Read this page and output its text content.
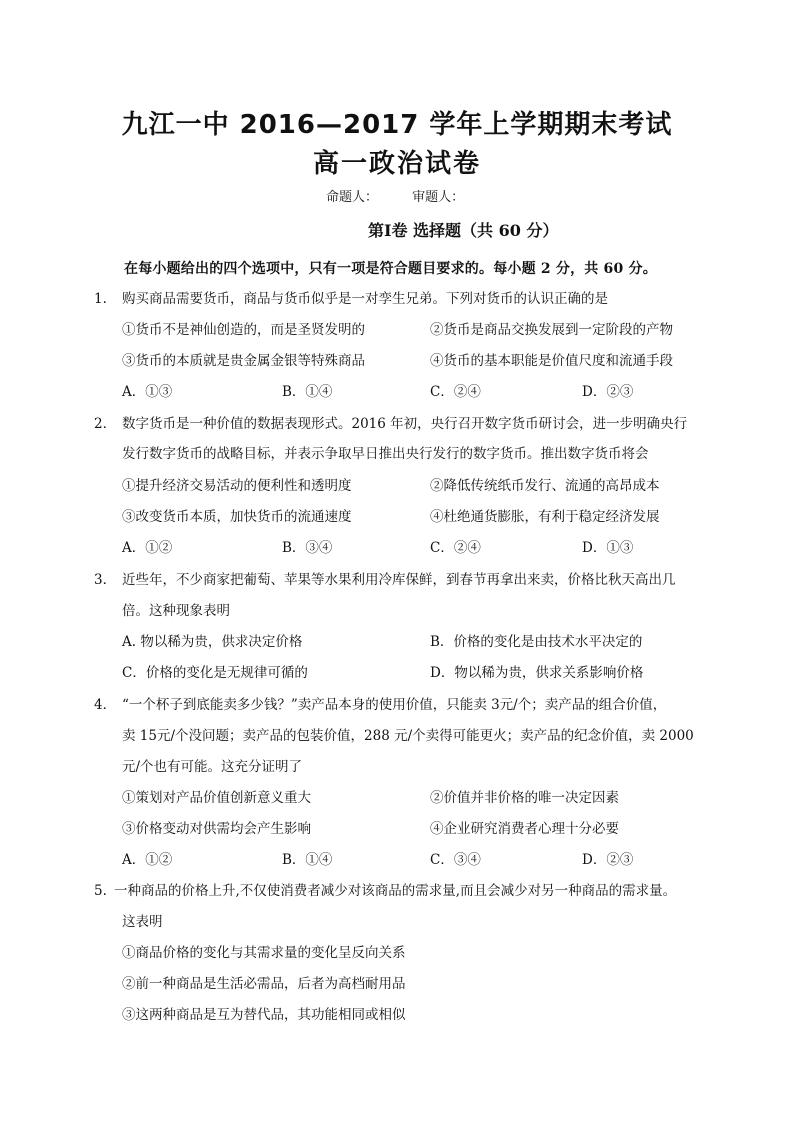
九江一中 2016—2017 学年上学期期末考试
高一政治试卷
命题人：	审题人：
第Ⅰ卷 选择题（共 60 分）
在每小题给出的四个选项中，只有一项是符合题目要求的。每小题 2 分，共 60 分。
1. 购买商品需要货币，商品与货币似乎是一对孪生兄弟。下列对货币的认识正确的是
①货币不是神仙创造的，而是圣贤发明的	②货币是商品交换发展到一定阶段的产物
③货币的本质就是贵金属金银等特殊商品	④货币的基本职能是价值尺度和流通手段
A．①③	B．①④	C．②④	D．②③
2． 数字货币是一种价值的数据表现形式。2016 年初，央行召开数字货币研讨会，进一步明确央行
发行数字货币的战略目标，并表示争取早日推出央行发行的数字货币。推出数字货币将会
①提升经济交易活动的便利性和透明度	②降低传统纸币发行、流通的高昂成本
③改变货币本质，加快货币的流通速度	④杜绝通货膨胀，有利于稳定经济发展
A．①②	B．③④	C．②④	D．①③
3． 近些年，不少商家把葡萄、苹果等水果利用冷库保鲜，到春节再拿出来卖，价格比秋天高出几
倍。这种现象表明
A. 物以稀为贵，供求决定价格	B．价格的变化是由技术水平决定的
C．价格的变化是无规律可循的	D．物以稀为贵，供求关系影响价格
4． “一个杯子到底能卖多少钱？”卖产品本身的使用价值，只能卖 3元/个；卖产品的组合价值，
卖 15元/个没问题；卖产品的包装价值，288 元/个卖得可能更火；卖产品的纪念价值，卖 2000
元/个也有可能。这充分证明了
①策划对产品价值创新意义重大	②价值并非价格的唯一决定因素
③价格变动对供需均会产生影响	④企业研究消费者心理十分必要
A．①②	B．①④	C．③④	D．②③
5. 一种商品的价格上升,不仅使消费者减少对该商品的需求量,而且会减少对另一种商品的需求量。
这表明
①商品价格的变化与其需求量的变化呈反向关系
②前一种商品是生活必需品，后者为高档耐用品
③这两种商品是互为替代品，其功能相同或相似
